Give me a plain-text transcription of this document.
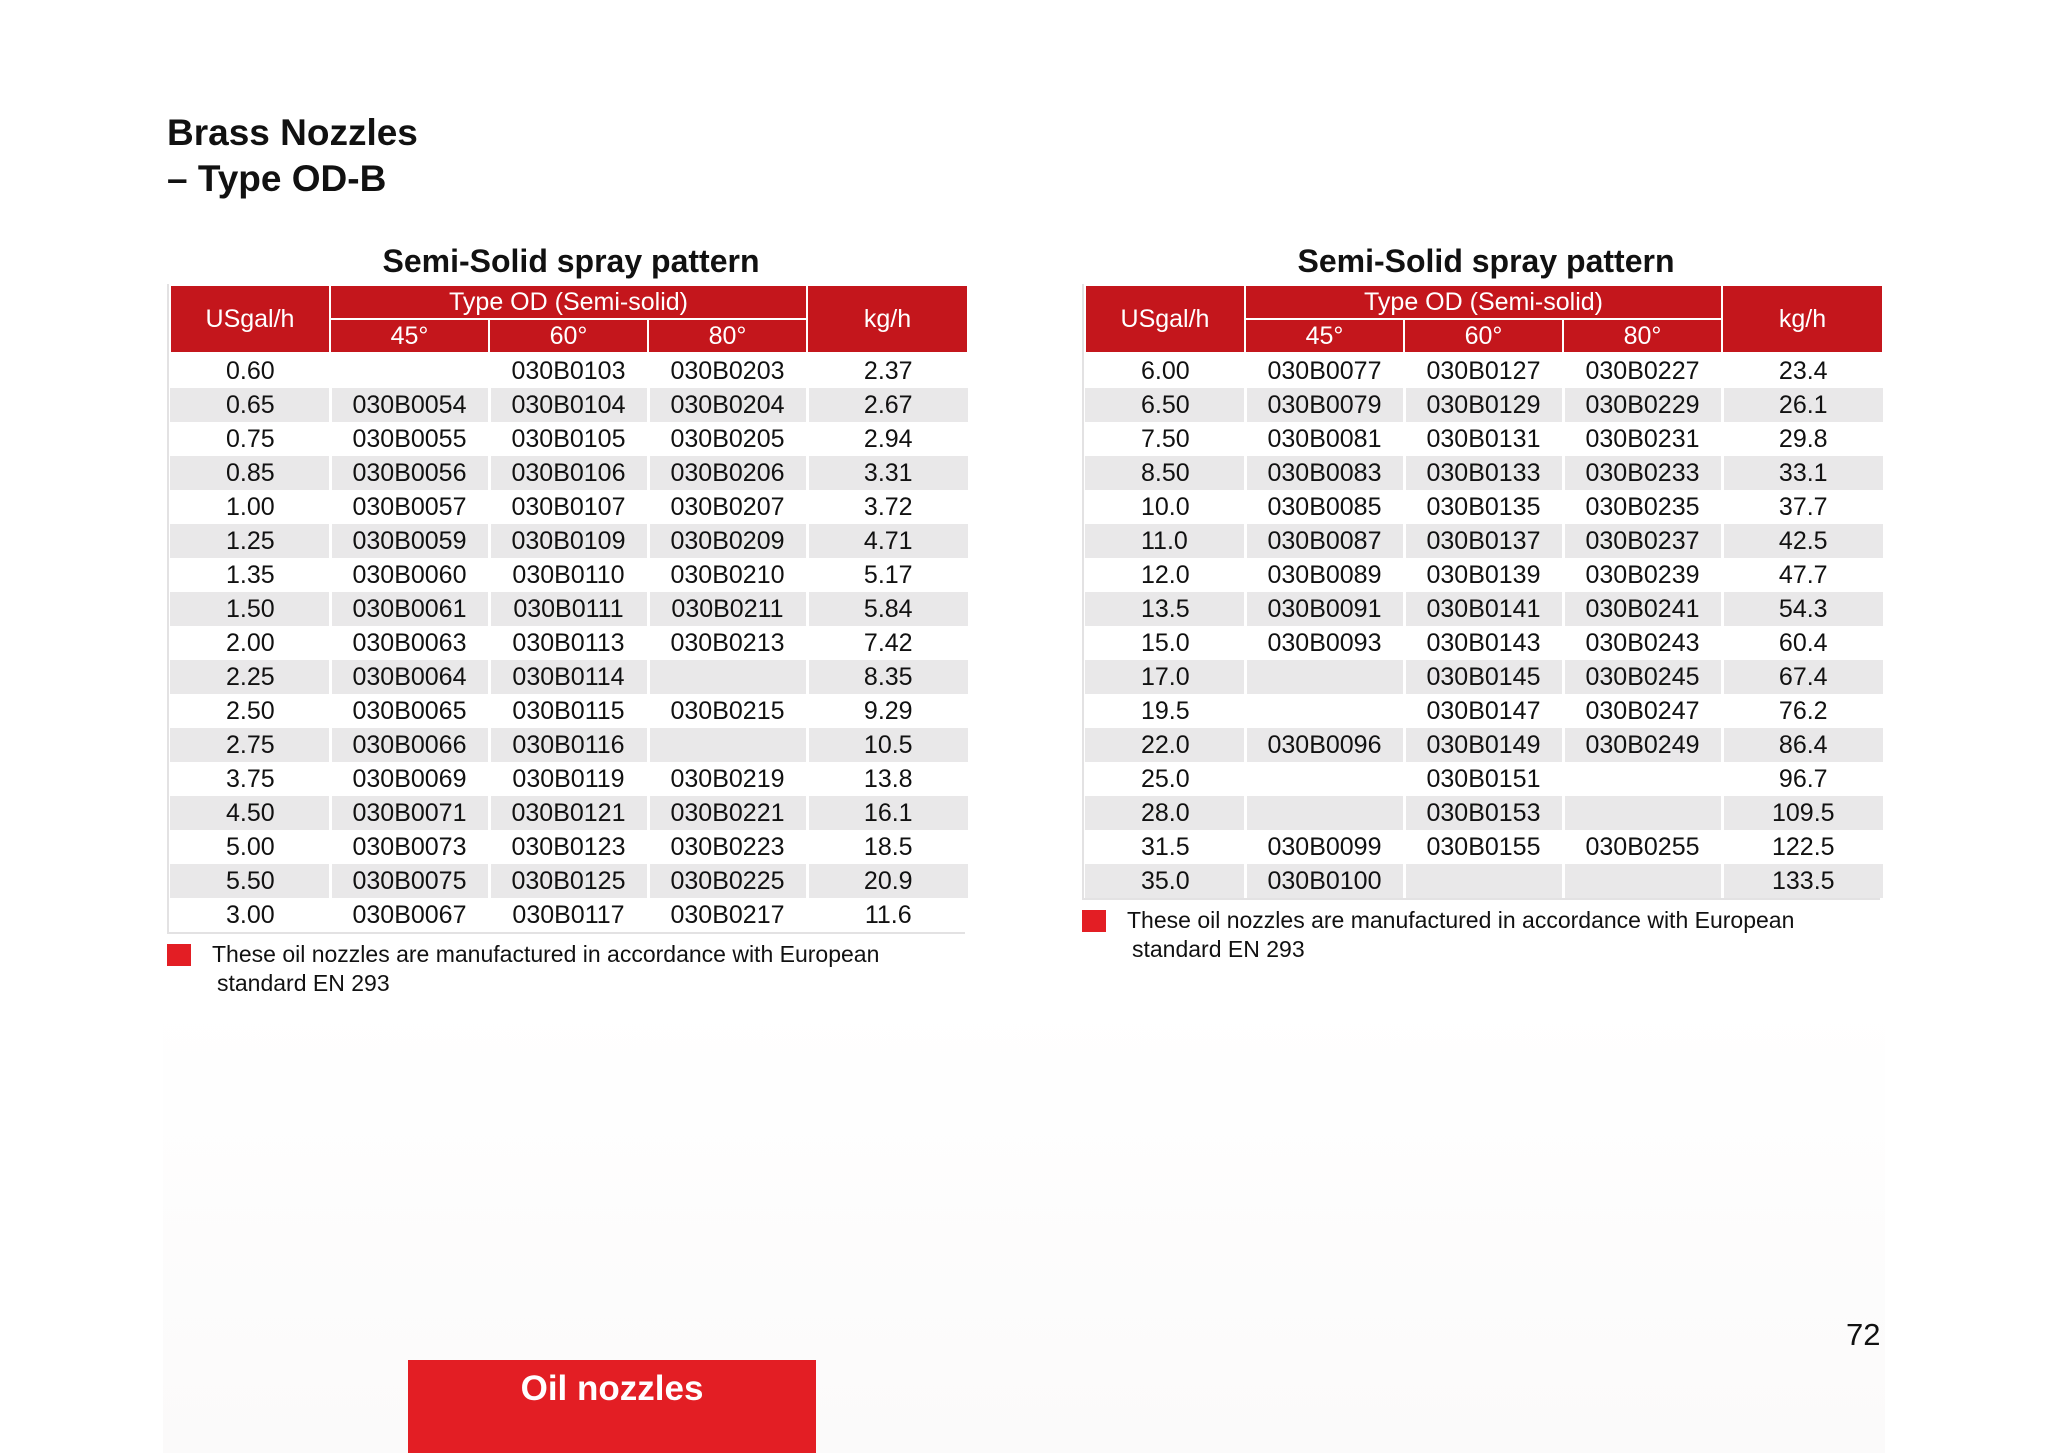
Brass Nozzles
– Type OD-B
Semi-Solid spray pattern
USgal/h	Type OD (Semi-solid)			kg/h
	45°	60°	80°	
0.60		030B0103	030B0203	2.37
0.65	030B0054	030B0104	030B0204	2.67
0.75	030B0055	030B0105	030B0205	2.94
0.85	030B0056	030B0106	030B0206	3.31
1.00	030B0057	030B0107	030B0207	3.72
1.25	030B0059	030B0109	030B0209	4.71
1.35	030B0060	030B0110	030B0210	5.17
1.50	030B0061	030B0111	030B0211	5.84
2.00	030B0063	030B0113	030B0213	7.42
2.25	030B0064	030B0114		8.35
2.50	030B0065	030B0115	030B0215	9.29
2.75	030B0066	030B0116		10.5
3.75	030B0069	030B0119	030B0219	13.8
4.50	030B0071	030B0121	030B0221	16.1
5.00	030B0073	030B0123	030B0223	18.5
5.50	030B0075	030B0125	030B0225	20.9
3.00	030B0067	030B0117	030B0217	11.6
These oil nozzles are manufactured in accordance with European
standard EN 293
Semi-Solid spray pattern
USgal/h	Type OD (Semi-solid)			kg/h
	45°	60°	80°	
6.00	030B0077	030B0127	030B0227	23.4
6.50	030B0079	030B0129	030B0229	26.1
7.50	030B0081	030B0131	030B0231	29.8
8.50	030B0083	030B0133	030B0233	33.1
10.0	030B0085	030B0135	030B0235	37.7
11.0	030B0087	030B0137	030B0237	42.5
12.0	030B0089	030B0139	030B0239	47.7
13.5	030B0091	030B0141	030B0241	54.3
15.0	030B0093	030B0143	030B0243	60.4
17.0		030B0145	030B0245	67.4
19.5		030B0147	030B0247	76.2
22.0	030B0096	030B0149	030B0249	86.4
25.0		030B0151		96.7
28.0		030B0153		109.5
31.5	030B0099	030B0155	030B0255	122.5
35.0	030B0100			133.5
These oil nozzles are manufactured in accordance with European
standard EN 293
72
Oil nozzles
